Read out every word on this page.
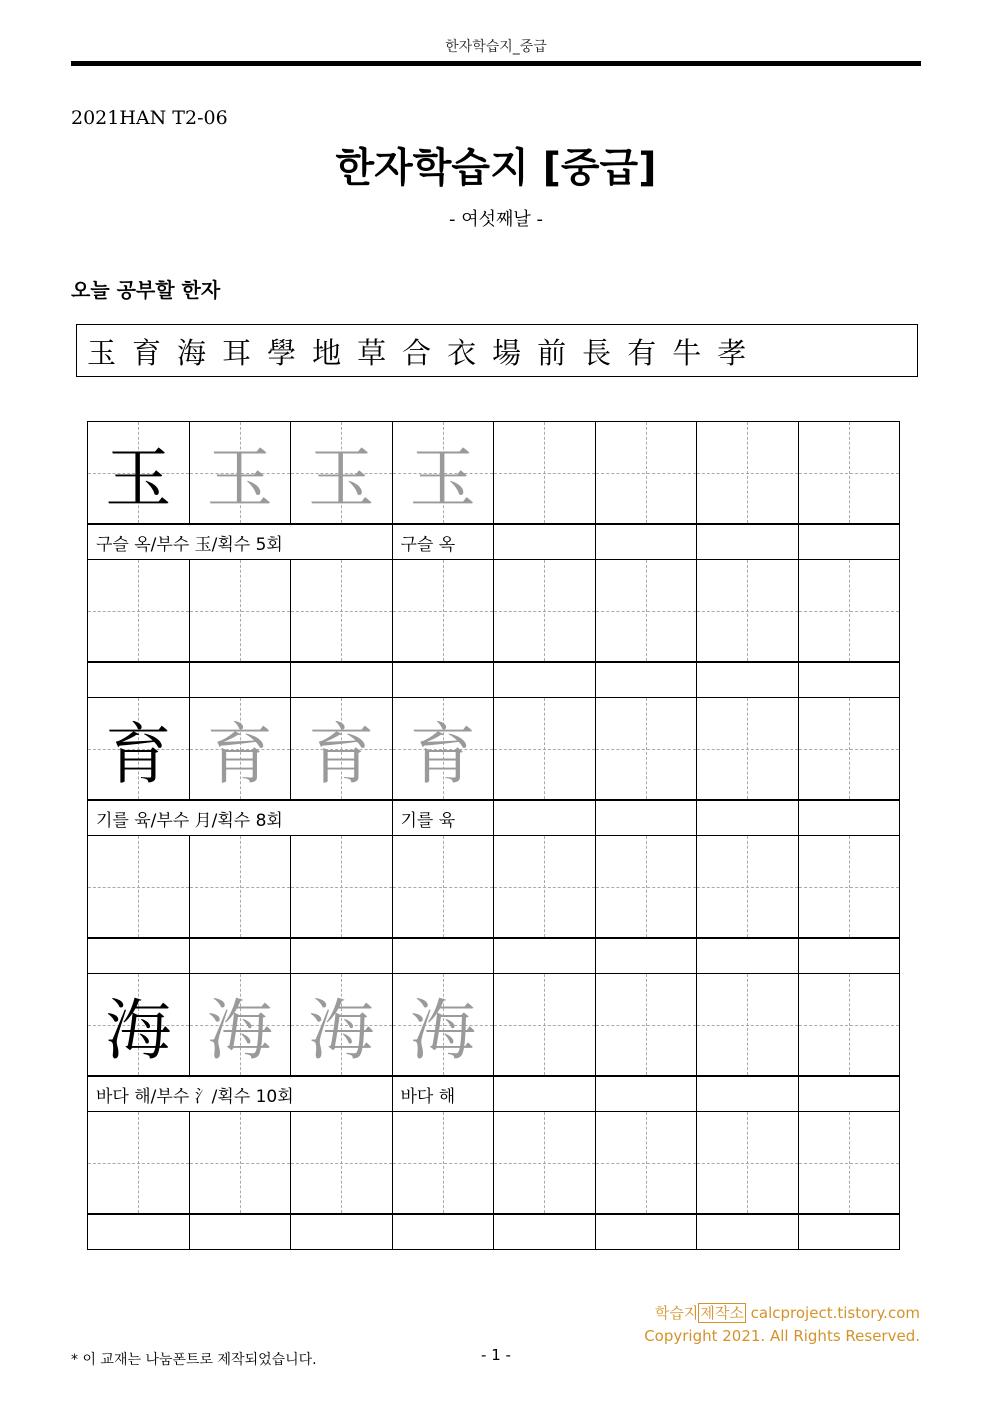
한자학습지_중급
2021HAN T2-06
한자학습지 [중급]
- 여섯째날 -
오늘 공부할 한자
玉 育 海 耳 學 地 草 合 衣 場 前 長 有 牛 孝
玉 玉 玉 玉
구슬 옥/부수 玉/획수 5회	구슬 옥
育 育 育 育
기를 육/부수 月/획수 8회	기를 육
海 海 海 海
바다 해/부수 氵/획수 10회	바다 해
학습지 제작소 calcproject.tistory.com
Copyright 2021. All Rights Reserved.
* 이 교재는 나눔폰트로 제작되었습니다.	- 1 -
